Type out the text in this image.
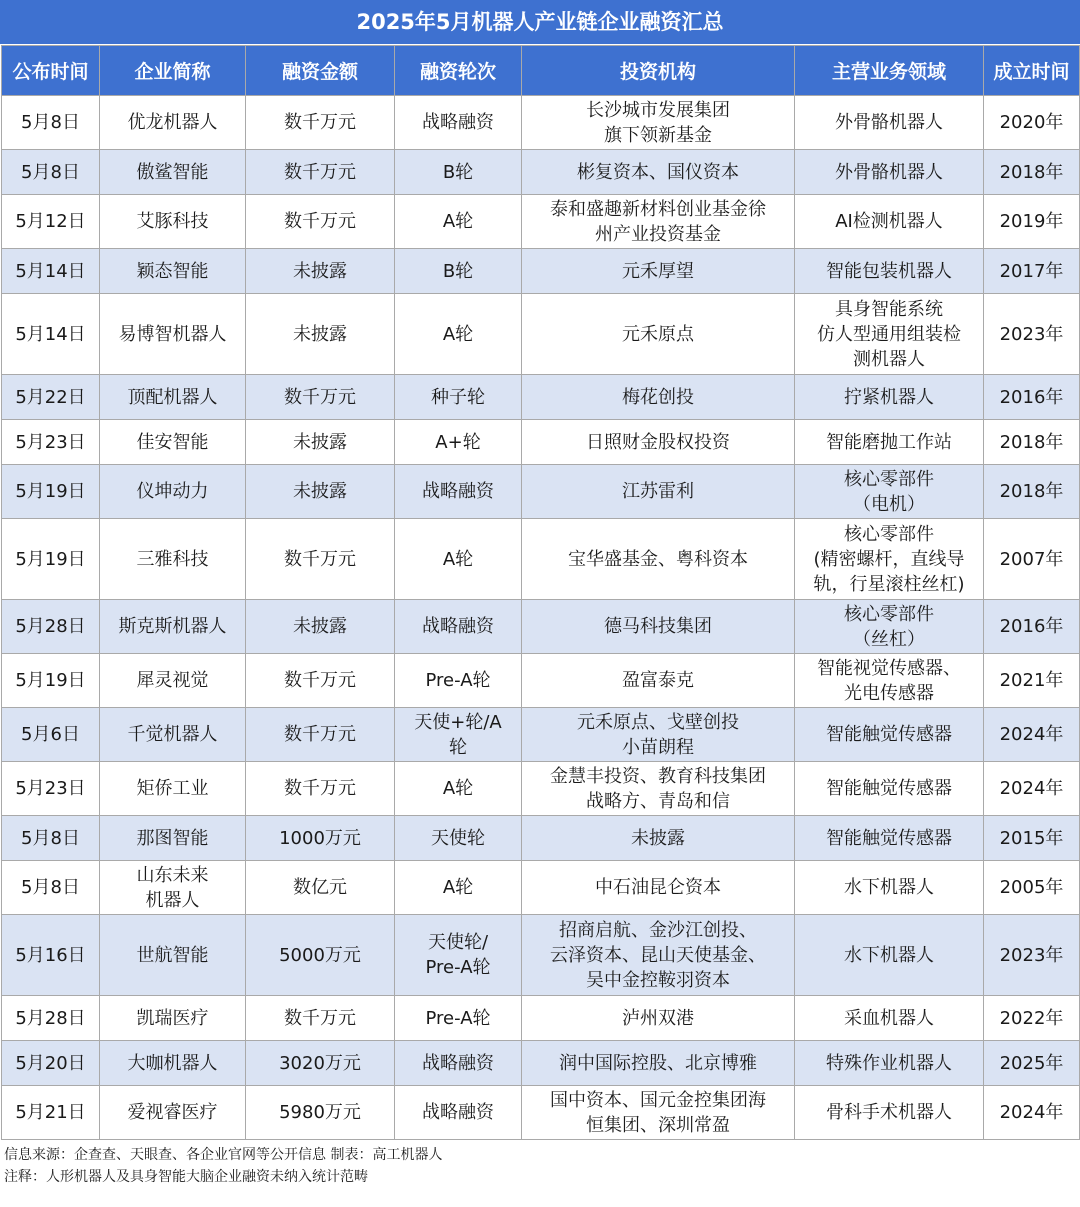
2025年5月机器人产业链企业融资汇总
公布时间	企业简称	融资金额	融资轮次	投资机构	主营业务领域	成立时间

5月8日	优龙机器人	数千万元	战略融资	长沙城市发展集团
旗下领新基金	外骨骼机器人	2020年

5月8日	傲鲨智能	数千万元	B轮	彬复资本、国仪资本	外骨骼机器人	2018年

5月12日	艾豚科技	数千万元	A轮	泰和盛趣新材料创业基金徐
州产业投资基金	AI检测机器人	2019年

5月14日	颖态智能	未披露	B轮	元禾厚望	智能包装机器人	2017年

5月14日	易博智机器人	未披露	A轮	元禾原点	具身智能系统
仿人型通用组装检
测机器人	2023年

5月22日	顶配机器人	数千万元	种子轮	梅花创投	拧紧机器人	2016年

5月23日	佳安智能	未披露	A+轮	日照财金股权投资	智能磨抛工作站	2018年

5月19日	仪坤动力	未披露	战略融资	江苏雷利	核心零部件
（电机）	2018年

5月19日	三雅科技	数千万元	A轮	宝华盛基金、粤科资本	核心零部件
(精密螺杆，直线导
轨，行星滚柱丝杠)	2007年

5月28日	斯克斯机器人	未披露	战略融资	德马科技集团	核心零部件
（丝杠）	2016年

5月19日	犀灵视觉	数千万元	Pre-A轮	盈富泰克	智能视觉传感器、
光电传感器	2021年

5月6日	千觉机器人	数千万元	天使+轮/A
轮	元禾原点、戈壁创投
小苗朗程	智能触觉传感器	2024年

5月23日	矩侨工业	数千万元	A轮	金慧丰投资、教育科技集团
战略方、青岛和信	智能触觉传感器	2024年

5月8日	那图智能	1000万元	天使轮	未披露	智能触觉传感器	2015年

5月8日	山东未来
机器人	数亿元	A轮	中石油昆仑资本	水下机器人	2005年

5月16日	世航智能	5000万元	天使轮/
Pre-A轮	招商启航、金沙江创投、
云泽资本、昆山天使基金、
吴中金控鞍羽资本	水下机器人	2023年

5月28日	凯瑞医疗	数千万元	Pre-A轮	泸州双港	采血机器人	2022年

5月20日	大咖机器人	3020万元	战略融资	润中国际控股、北京博雅	特殊作业机器人	2025年

5月21日	爱视睿医疗	5980万元	战略融资	国中资本、国元金控集团海
恒集团、深圳常盈	骨科手术机器人	2024年
信息来源：企查查、天眼查、各企业官网等公开信息 制表：高工机器人
注释：人形机器人及具身智能大脑企业融资未纳入统计范畴
